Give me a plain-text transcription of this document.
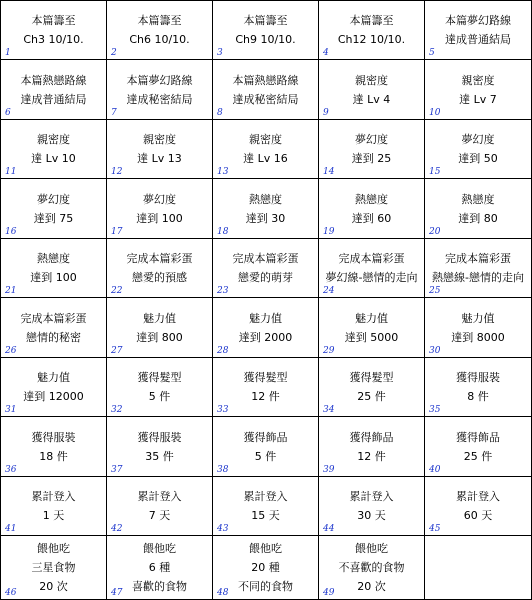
本篇籌至
Ch3 10/10.
1
本篇籌至
Ch6 10/10.
2
本篇籌至
Ch9 10/10.
3
本篇籌至
Ch12 10/10.
4
本篇夢幻路線
達成普通結局
5
本篇熱戀路線
達成普通結局
6
本篇夢幻路線
達成秘密結局
7
本篇熱戀路線
達成秘密結局
8
親密度
達 Lv 4
9
親密度
達 Lv 7
10
親密度
達 Lv 10
11
親密度
達 Lv 13
12
親密度
達 Lv 16
13
夢幻度
達到 25
14
夢幻度
達到 50
15
夢幻度
達到 75
16
夢幻度
達到 100
17
熱戀度
達到 30
18
熱戀度
達到 60
19
熱戀度
達到 80
20
熱戀度
達到 100
21
完成本篇彩蛋
戀愛的預感
22
完成本篇彩蛋
戀愛的萌芽
23
完成本篇彩蛋
夢幻線-戀情的走向
24
完成本篇彩蛋
熱戀線-戀情的走向
25
完成本篇彩蛋
戀情的秘密
26
魅力值
達到 800
27
魅力值
達到 2000
28
魅力值
達到 5000
29
魅力值
達到 8000
30
魅力值
達到 12000
31
獲得髮型
5 件
32
獲得髮型
12 件
33
獲得髮型
25 件
34
獲得服裝
8 件
35
獲得服裝
18 件
36
獲得服裝
35 件
37
獲得飾品
5 件
38
獲得飾品
12 件
39
獲得飾品
25 件
40
累計登入
1 天
41
累計登入
7 天
42
累計登入
15 天
43
累計登入
30 天
44
累計登入
60 天
45
餵他吃
三星食物
20 次
46
餵他吃
6 種
喜歡的食物
47
餵他吃
20 種
不同的食物
48
餵他吃
不喜歡的食物
20 次
49
